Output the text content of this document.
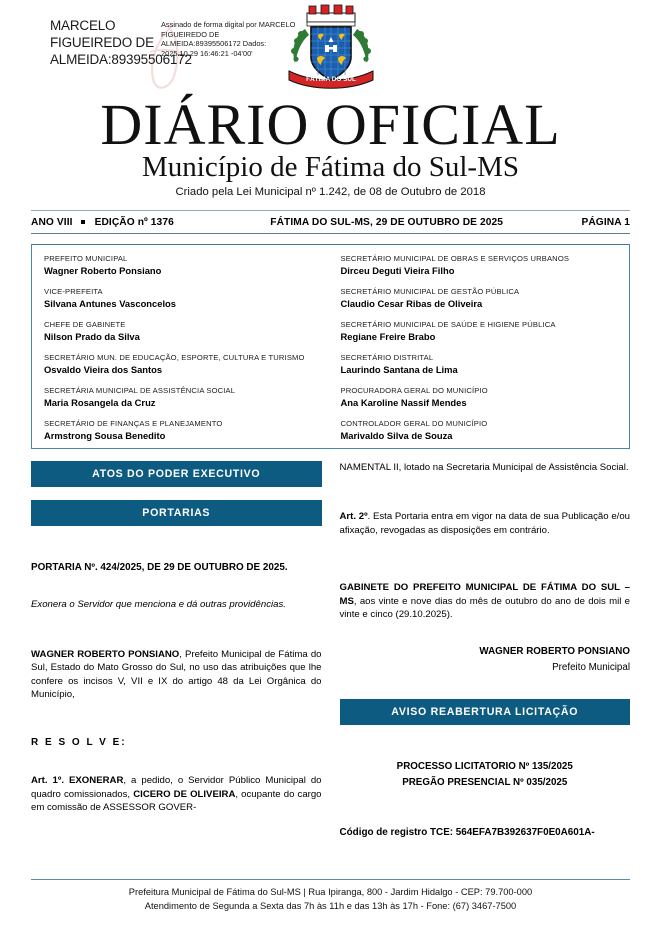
MARCELO FIGUEIREDO DE ALMEIDA:89395506172
Assinado de forma digital por MARCELO FIGUEIREDO DE ALMEIDA:89395506172 Dados: 2025.10.29 16:46:21 -04'00'
FÁTIMA DO SUL
DIÁRIO OFICIAL
Município de Fátima do Sul-MS
Criado pela Lei Municipal nº 1.242, de 08 de Outubro de 2018
ANO VIII EDIÇÃO nº 1376	FÁTIMA DO SUL-MS, 29 DE OUTUBRO DE 2025	PÁGINA 1
PREFEITO MUNICIPAL
Wagner Roberto Ponsiano
VICE-PREFEITA
Silvana Antunes Vasconcelos
CHEFE DE GABINETE
Nilson Prado da Silva
SECRETÁRIO MUN. DE EDUCAÇÃO, ESPORTE, CULTURA E TURISMO
Osvaldo Vieira dos Santos
SECRETÁRIA MUNICIPAL DE ASSISTÊNCIA SOCIAL
Maria Rosangela da Cruz
SECRETÁRIO DE FINANÇAS E PLANEJAMENTO
Armstrong Sousa Benedito
SECRETÁRIO MUNICIPAL DE OBRAS E SERVIÇOS URBANOS
Dirceu Deguti Vieira Filho
SECRETÁRIO MUNICIPAL DE GESTÃO PÚBLICA
Claudio Cesar Ribas de Oliveira
SECRETÁRIO MUNICIPAL DE SAÚDE E HIGIENE PÚBLICA
Regiane Freire Brabo
SECRETÁRIO DISTRITAL
Laurindo Santana de Lima
PROCURADORA GERAL DO MUNICÍPIO
Ana Karoline Nassif Mendes
CONTROLADOR GERAL DO MUNICÍPIO
Marivaldo Silva de Souza
ATOS DO PODER EXECUTIVO
PORTARIAS

PORTARIA Nº. 424/2025, DE 29 DE OUTUBRO DE 2025.

Exonera o Servidor que menciona e dá outras providências.

WAGNER ROBERTO PONSIANO, Prefeito Municipal de Fátima do Sul, Estado do Mato Grosso do Sul, no uso das atribuições que lhe confere os incisos V, VII e IX do artigo 48 da Lei Orgânica do Município,

R E S O L V E:

Art. 1º. EXONERAR, a pedido, o Servidor Público Municipal do quadro comissionados, CICERO DE OLIVEIRA, ocupante do cargo em comissão de ASSESSOR GOVER-

NAMENTAL II, lotado na Secretaria Municipal de Assistência Social.

Art. 2º. Esta Portaria entra em vigor na data de sua Publicação e/ou afixação, revogadas as disposições em contrário.

GABINETE DO PREFEITO MUNICIPAL DE FÁTIMA DO SUL – MS, aos vinte e nove dias do mês de outubro do ano de dois mil e vinte e cinco (29.10.2025).

WAGNER ROBERTO PONSIANO

Prefeito Municipal

AVISO REABERTURA LICITAÇÃO

PROCESSO LICITATORIO Nº 135/2025

PREGÃO PRESENCIAL Nº 035/2025

Código de registro TCE: 564EFA7B392637F0E0A601A-

Prefeitura Municipal de Fátima do Sul-MS | Rua Ipiranga, 800 - Jardim Hidalgo - CEP: 79.700-000
Atendimento de Segunda a Sexta das 7h às 11h e das 13h às 17h - Fone: (67) 3467-7500
